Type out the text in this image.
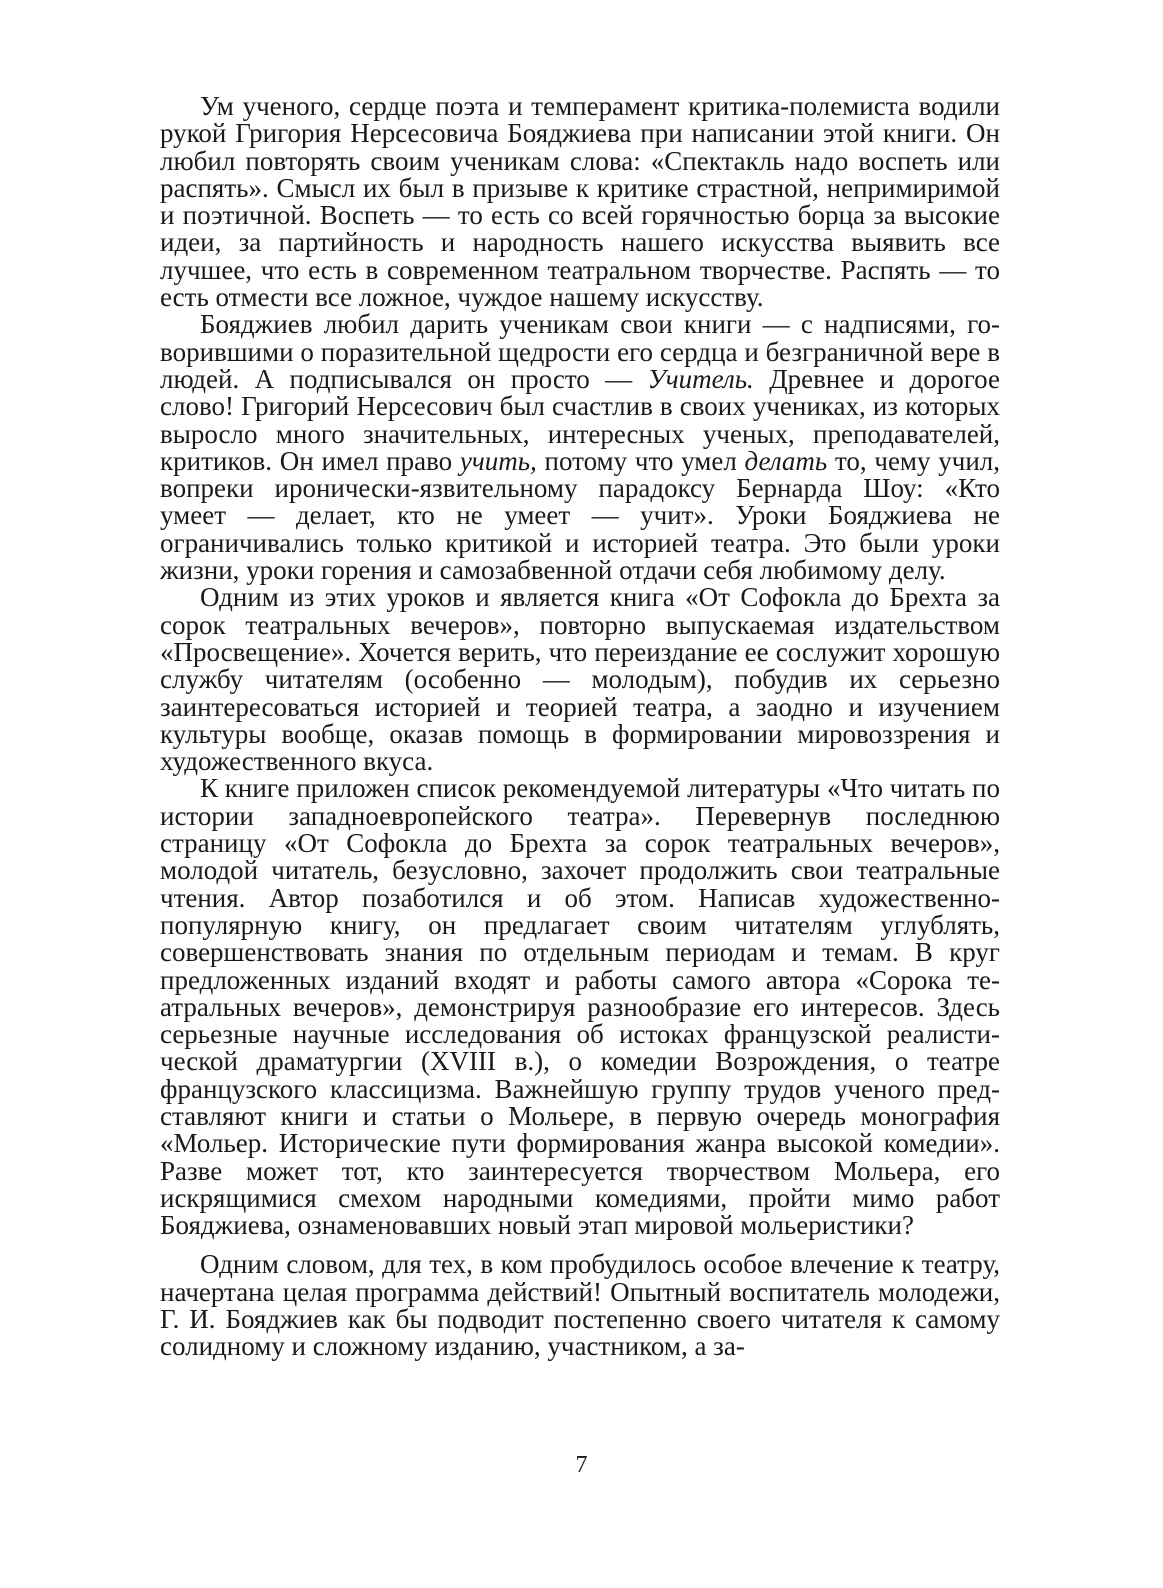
Ум ученого, сердце поэта и темперамент критика-полемиста водили рукой Григория Нерсесовича Бояджиева при написании этой книги. Он любил повторять своим ученикам слова: «Спектакль надо воспеть или распять». Смысл их был в призыве к критике страстной, непримиримой и поэтичной. Воспеть — то есть со всей горячностью борца за высокие идеи, за партийность и народность нашего искусства выявить все лучшее, что есть в современном театральном творчестве. Распять — то есть отмести все ложное, чуждое нашему искусству.

Бояджиев любил дарить ученикам свои книги — с надписями, говорившими о поразительной щедрости его сердца и безграничной вере в людей. А подписывался он просто — Учитель. Древнее и дорогое слово! Григорий Нерсесович был счастлив в своих учениках, из которых выросло много значительных, интересных ученых, преподавателей, критиков. Он имел право учить, потому что умел делать то, чему учил, вопреки иронически-язвительному парадоксу Бернарда Шоу: «Кто умеет — делает, кто не умеет — учит». Уроки Бояджиева не ограничивались только критикой и историей театра. Это были уроки жизни, уроки горения и самозабвенной отдачи себя любимому делу.

Одним из этих уроков и является книга «От Софокла до Брехта за сорок театральных вечеров», повторно выпускаемая издательством «Просвещение». Хочется верить, что переиздание ее сослужит хорошую службу читателям (особенно — молодым), побудив их серьезно заинтересоваться историей и теорией театра, а заодно и изучением культуры вообще, оказав помощь в формировании мировоззрения и художественного вкуса.

К книге приложен список рекомендуемой литературы «Что читать по истории западноевропейского театра». Перевернув последнюю страницу «От Софокла до Брехта за сорок театральных вечеров», молодой читатель, безусловно, захочет продолжить свои театральные чтения. Автор позаботился и об этом. Написав художественно-популярную книгу, он предлагает своим читателям углублять, совершенствовать знания по отдельным периодам и темам. В круг предложенных изданий входят и работы самого автора «Сорока театральных вечеров», демонстрируя разнообразие его интересов. Здесь серьезные научные исследования об истоках французской реалистической драматургии (XVIII в.), о комедии Возрождения, о театре французского классицизма. Важнейшую группу трудов ученого представляют книги и статьи о Мольере, в первую очередь монография «Мольер. Исторические пути формирования жанра высокой комедии». Разве может тот, кто заинтересуется творчеством Мольера, его искрящимися смехом народными комедиями, пройти мимо работ Бояджиева, ознаменовавших новый этап мировой мольeристики?

Одним словом, для тех, в ком пробудилось особое влечение к театру, начертана целая программа действий! Опытный воспитатель молодежи, Г. И. Бояджиев как бы подводит постепенно своего читателя к самому солидному и сложному изданию, участником, а за-

7
